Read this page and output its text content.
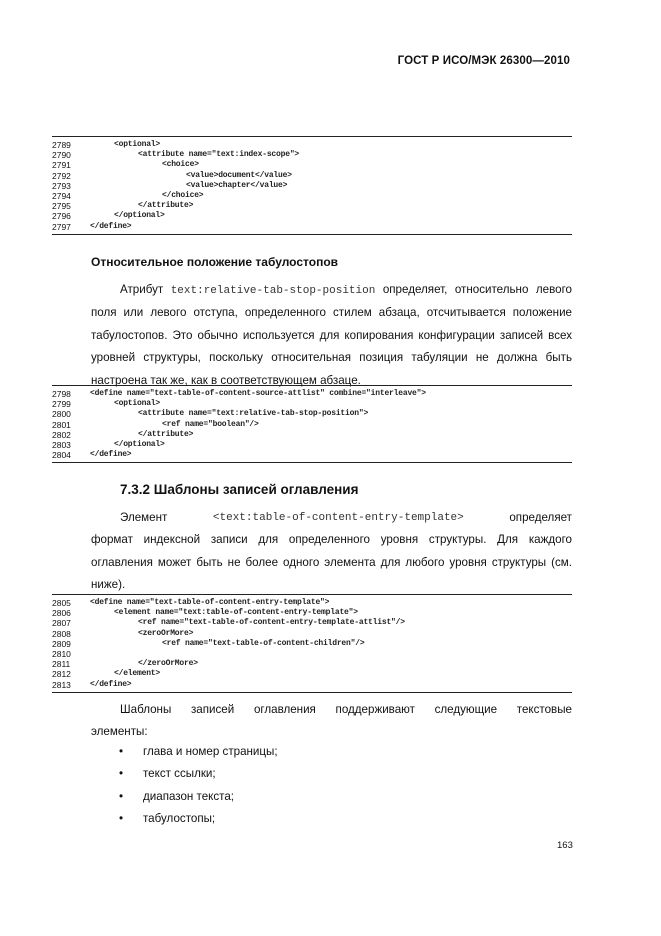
ГОСТ Р ИСО/МЭК 26300—2010
2789	<optional>
2790	<attribute name="text:index-scope">
2791	<choice>
2792	<value>document</value>
2793	<value>chapter</value>
2794	</choice>
2795	</attribute>
2796	</optional>
2797	</define>
Относительное положение табулостопов
Атрибут text:relative-tab-stop-position определяет, относительно левого поля или левого отступа, определенного стилем абзаца, отсчитывается положение табулостопов. Это обычно используется для копирования конфигурации записей всех уровней структуры, поскольку относительная позиция табуляции не должна быть настроена так же, как в соответствующем абзаце.
2798	<define name="text-table-of-content-source-attlist" combine="interleave">
2799	<optional>
2800	<attribute name="text:relative-tab-stop-position">
2801	<ref name="boolean"/>
2802	</attribute>
2803	</optional>
2804	</define>
7.3.2 Шаблоны записей оглавления
Элемент	<text:table-of-content-entry-template>	определяет
формат индексной записи для определенного уровня структуры. Для каждого оглавления может быть не более одного элемента для любого уровня структуры (см. ниже).
2805	<define name="text-table-of-content-entry-template">
2806	<element name="text:table-of-content-entry-template">
2807	<ref name="text-table-of-content-entry-template-attlist"/>
2808	<zeroOrMore>
2809	<ref name="text-table-of-content-children"/>
2810
2811	</zeroOrMore>
2812	</element>
2813	</define>
Шаблоны записей оглавления поддерживают следующие текстовые
элементы:
• глава и номер страницы;
• текст ссылки;
• диапазон текста;
• табулостопы;
163
